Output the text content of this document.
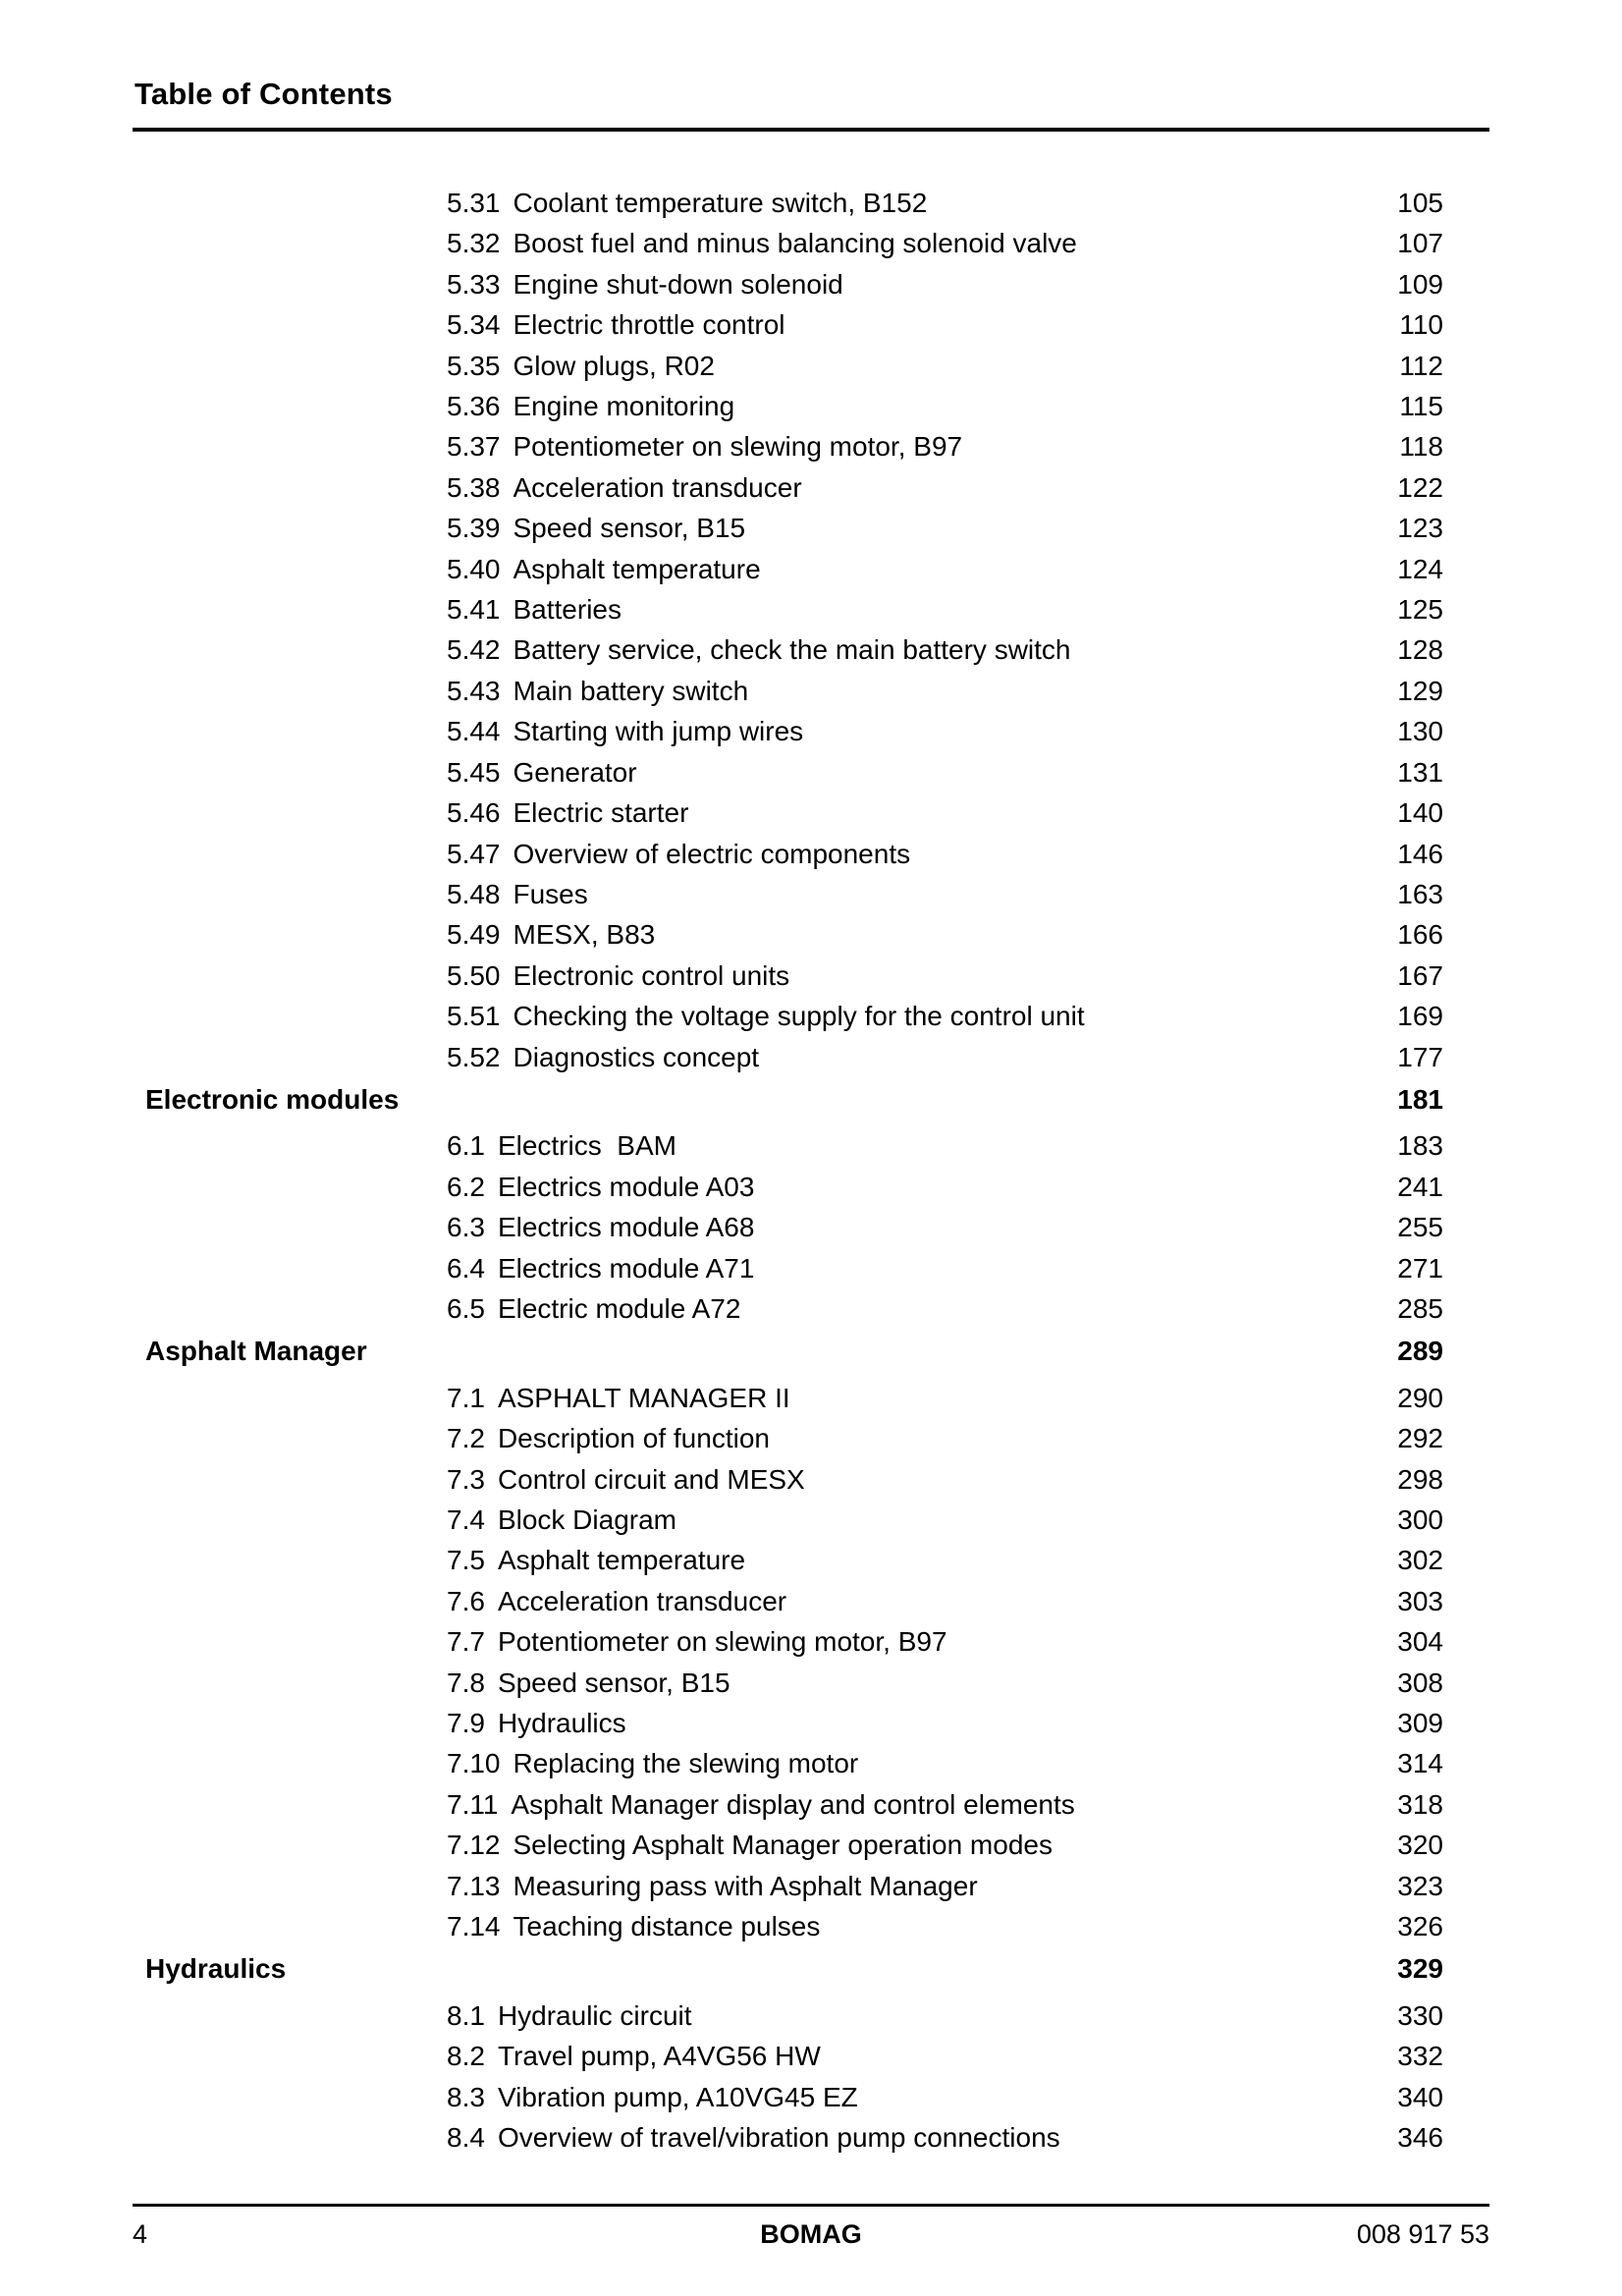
Table of Contents
5.31 Coolant temperature switch, B152	105
5.32 Boost fuel and minus balancing solenoid valve	107
5.33 Engine shut-down solenoid	109
5.34 Electric throttle control	110
5.35 Glow plugs, R02	112
5.36 Engine monitoring	115
5.37 Potentiometer on slewing motor, B97	118
5.38 Acceleration transducer	122
5.39 Speed sensor, B15	123
5.40 Asphalt temperature	124
5.41 Batteries	125
5.42 Battery service, check the main battery switch	128
5.43 Main battery switch	129
5.44 Starting with jump wires	130
5.45 Generator	131
5.46 Electric starter	140
5.47 Overview of electric components	146
5.48 Fuses	163
5.49 MESX, B83	166
5.50 Electronic control units	167
5.51 Checking the voltage supply for the control unit	169
5.52 Diagnostics concept	177
Electronic modules	181
6.1 Electrics  BAM	183
6.2 Electrics module A03	241
6.3 Electrics module A68	255
6.4 Electrics module A71	271
6.5 Electric module A72	285
Asphalt Manager	289
7.1 ASPHALT MANAGER II	290
7.2 Description of function	292
7.3 Control circuit and MESX	298
7.4 Block Diagram	300
7.5 Asphalt temperature	302
7.6 Acceleration transducer	303
7.7 Potentiometer on slewing motor, B97	304
7.8 Speed sensor, B15	308
7.9 Hydraulics	309
7.10 Replacing the slewing motor	314
7.11 Asphalt Manager display and control elements	318
7.12 Selecting Asphalt Manager operation modes	320
7.13 Measuring pass with Asphalt Manager	323
7.14 Teaching distance pulses	326
Hydraulics	329
8.1 Hydraulic circuit	330
8.2 Travel pump, A4VG56 HW	332
8.3 Vibration pump, A10VG45 EZ	340
8.4 Overview of travel/vibration pump connections	346
4	BOMAG	008 917 53
